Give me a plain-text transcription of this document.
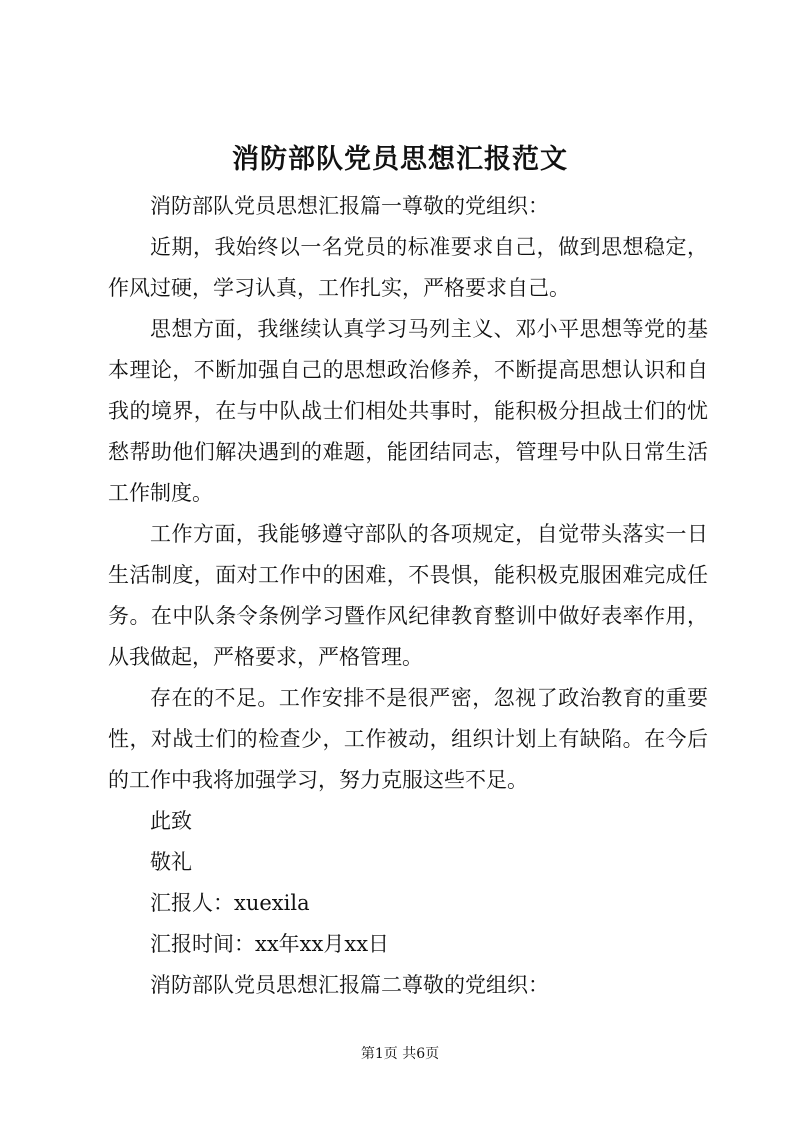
消防部队党员思想汇报范文

消防部队党员思想汇报篇一尊敬的党组织：

近期，我始终以一名党员的标准要求自己，做到思想稳定，作风过硬，学习认真，工作扎实，严格要求自己。

思想方面，我继续认真学习马列主义、邓小平思想等党的基本理论，不断加强自己的思想政治修养，不断提高思想认识和自我的境界，在与中队战士们相处共事时，能积极分担战士们的忧愁帮助他们解决遇到的难题，能团结同志，管理号中队日常生活工作制度。

工作方面，我能够遵守部队的各项规定，自觉带头落实一日生活制度，面对工作中的困难，不畏惧，能积极克服困难完成任务。在中队条令条例学习暨作风纪律教育整训中做好表率作用，从我做起，严格要求，严格管理。

存在的不足。工作安排不是很严密，忽视了政治教育的重要性，对战士们的检查少，工作被动，组织计划上有缺陷。在今后的工作中我将加强学习，努力克服这些不足。

此致

敬礼

汇报人：xuexila

汇报时间：xx年xx月xx日

消防部队党员思想汇报篇二尊敬的党组织：

第1页 共6页
